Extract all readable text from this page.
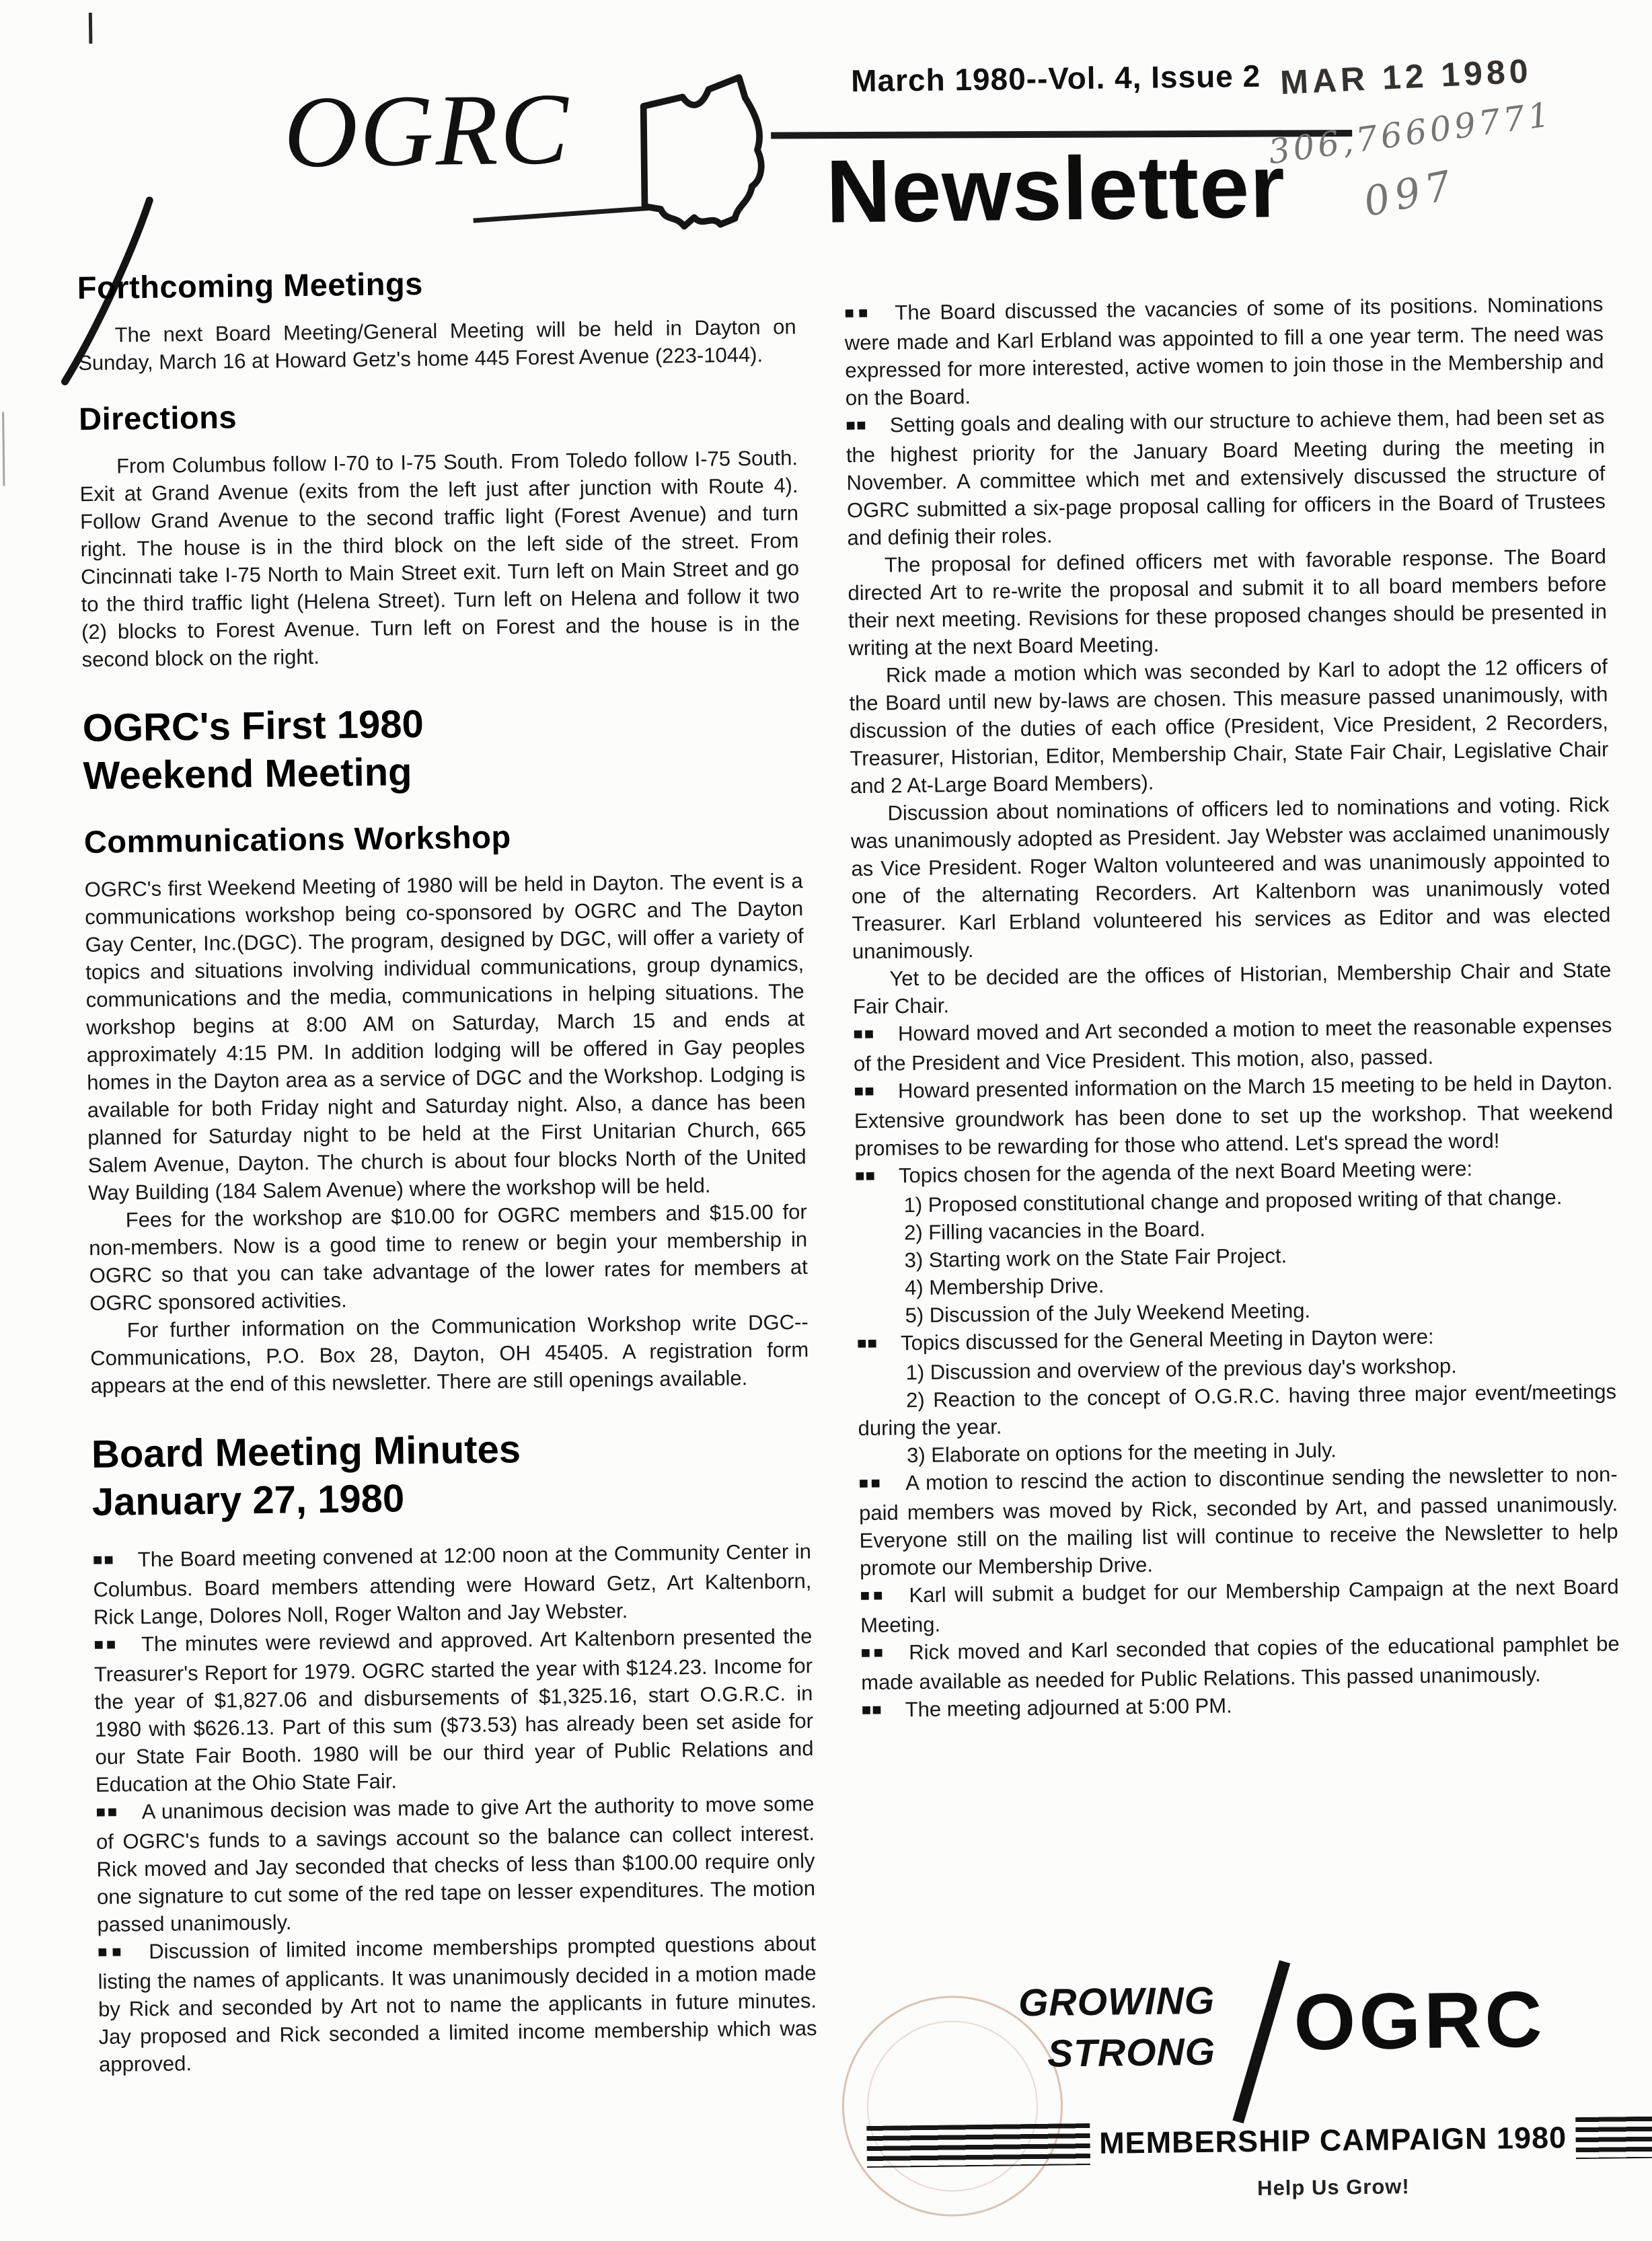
OGRC	March 1980--Vol. 4, Issue 2
Newsletter
MAR 12 1980
306,76609771
097
Forthcoming Meetings

The next Board Meeting/General Meeting will be held in Dayton on Sunday, March 16 at Howard Getz's home 445 Forest Avenue (223-1044).

Directions

From Columbus follow I-70 to I-75 South. From Toledo follow I-75 South. Exit at Grand Avenue (exits from the left just after junction with Route 4). Follow Grand Avenue to the second traffic light (Forest Avenue) and turn right. The house is in the third block on the left side of the street. From Cincinnati take I-75 North to Main Street exit. Turn left on Main Street and go to the third traffic light (Helena Street). Turn left on Helena and follow it two (2) blocks to Forest Avenue. Turn left on Forest and the house is in the second block on the right.

OGRC's First 1980
Weekend Meeting
Communications Workshop

OGRC's first Weekend Meeting of 1980 will be held in Dayton. The event is a communications workshop being co-sponsored by OGRC and The Dayton Gay Center, Inc.(DGC). The program, designed by DGC, will offer a variety of topics and situations involving individual communications, group dynamics, communications and the media, communications in helping situations. The workshop begins at 8:00 AM on Saturday, March 15 and ends at approximately 4:15 PM. In addition lodging will be offered in Gay peoples homes in the Dayton area as a service of DGC and the Workshop. Lodging is available for both Friday night and Saturday night. Also, a dance has been planned for Saturday night to be held at the First Unitarian Church, 665 Salem Avenue, Dayton. The church is about four blocks North of the United Way Building (184 Salem Avenue) where the workshop will be held.

Fees for the workshop are $10.00 for OGRC members and $15.00 for non-members. Now is a good time to renew or begin your membership in OGRC so that you can take advantage of the lower rates for members at OGRC sponsored activities.

For further information on the Communication Workshop write DGC--Communications, P.O. Box 28, Dayton, OH 45405. A registration form appears at the end of this newsletter. There are still openings available.

Board Meeting Minutes
January 27, 1980

■■ The Board meeting convened at 12:00 noon at the Community Center in Columbus. Board members attending were Howard Getz, Art Kaltenborn, Rick Lange, Dolores Noll, Roger Walton and Jay Webster.

■■ The minutes were reviewd and approved. Art Kaltenborn presented the Treasurer's Report for 1979. OGRC started the year with $124.23. Income for the year of $1,827.06 and disbursements of $1,325.16, start O.G.R.C. in 1980 with $626.13. Part of this sum ($73.53) has already been set aside for our State Fair Booth. 1980 will be our third year of Public Relations and Education at the Ohio State Fair.

■■ A unanimous decision was made to give Art the authority to move some of OGRC's funds to a savings account so the balance can collect interest. Rick moved and Jay seconded that checks of less than $100.00 require only one signature to cut some of the red tape on lesser expenditures. The motion passed unanimously.

■■ Discussion of limited income memberships prompted questions about listing the names of applicants. It was unanimously decided in a motion made by Rick and seconded by Art not to name the applicants in future minutes. Jay proposed and Rick seconded a limited income membership which was approved.

■■ The Board discussed the vacancies of some of its positions. Nominations were made and Karl Erbland was appointed to fill a one year term. The need was expressed for more interested, active women to join those in the Membership and on the Board.

■■ Setting goals and dealing with our structure to achieve them, had been set as the highest priority for the January Board Meeting during the meeting in November. A committee which met and extensively discussed the structure of OGRC submitted a six-page proposal calling for officers in the Board of Trustees and definig their roles.

The proposal for defined officers met with favorable response. The Board directed Art to re-write the proposal and submit it to all board members before their next meeting. Revisions for these proposed changes should be presented in writing at the next Board Meeting.

Rick made a motion which was seconded by Karl to adopt the 12 officers of the Board until new by-laws are chosen. This measure passed unanimously, with discussion of the duties of each office (President, Vice President, 2 Recorders, Treasurer, Historian, Editor, Membership Chair, State Fair Chair, Legislative Chair and 2 At-Large Board Members).

Discussion about nominations of officers led to nominations and voting. Rick was unanimously adopted as President. Jay Webster was acclaimed unanimously as Vice President. Roger Walton volunteered and was unanimously appointed to one of the alternating Recorders. Art Kaltenborn was unanimously voted Treasurer. Karl Erbland volunteered his services as Editor and was elected unanimously.

Yet to be decided are the offices of Historian, Membership Chair and State Fair Chair.

■■ Howard moved and Art seconded a motion to meet the reasonable expenses of the President and Vice President. This motion, also, passed.

■■ Howard presented information on the March 15 meeting to be held in Dayton. Extensive groundwork has been done to set up the workshop. That weekend promises to be rewarding for those who attend. Let's spread the word!

■■ Topics chosen for the agenda of the next Board Meeting were:

1) Proposed constitutional change and proposed writing of that change.

2) Filling vacancies in the Board.

3) Starting work on the State Fair Project.

4) Membership Drive.

5) Discussion of the July Weekend Meeting.

■■ Topics discussed for the General Meeting in Dayton were:

1) Discussion and overview of the previous day's workshop.

2) Reaction to the concept of O.G.R.C. having three major event/meetings during the year.

3) Elaborate on options for the meeting in July.

■■ A motion to rescind the action to discontinue sending the newsletter to non-paid members was moved by Rick, seconded by Art, and passed unanimously. Everyone still on the mailing list will continue to receive the Newsletter to help promote our Membership Drive.

■■ Karl will submit a budget for our Membership Campaign at the next Board Meeting.

■■ Rick moved and Karl seconded that copies of the educational pamphlet be made available as needed for Public Relations. This passed unanimously.

■■ The meeting adjourned at 5:00 PM.

GROWING
STRONG OGRC
MEMBERSHIP CAMPAIGN 1980
Help Us Grow!
